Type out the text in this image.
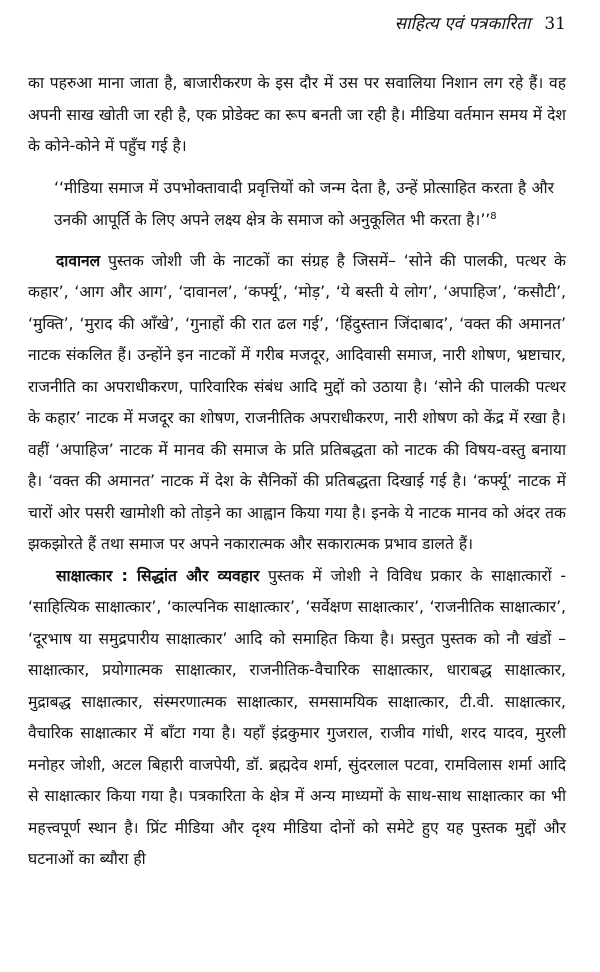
साहित्य एवं पत्रकारिता 31

का पहरुआ माना जाता है, बाजारीकरण के इस दौर में उस पर सवालिया निशान लग रहे हैं। वह अपनी साख खोती जा रही है, एक प्रोडेक्ट का रूप बनती जा रही है। मीडिया वर्तमान समय में देश के कोने-कोने में पहुँच गई है।

‘‘मीडिया समाज में उपभोक्तावादी प्रवृत्तियों को जन्म देता है, उन्हें प्रोत्साहित करता है और उनकी आपूर्ति के लिए अपने लक्ष्य क्षेत्र के समाज को अनुकूलित भी करता है।’’$^8$

दावानल पुस्तक जोशी जी के नाटकों का संग्रह है जिसमें– ‘सोने की पालकी, पत्थर के कहार’, ‘आग और आग’, ‘दावानल’, ‘कर्फ्यू’, ‘मोड़’, ‘ये बस्ती ये लोग’, ‘अपाहिज’, ‘कसौटी’, ‘मुक्ति’, ‘मुराद की आँखे’, ‘गुनाहों की रात ढल गई’, ‘हिंदुस्तान जिंदाबाद’, ‘वक्त की अमानत’ नाटक संकलित हैं। उन्होंने इन नाटकों में गरीब मजदूर, आदिवासी समाज, नारी शोषण, भ्रष्टाचार, राजनीति का अपराधीकरण, पारिवारिक संबंध आदि मुद्दों को उठाया है। ‘सोने की पालकी पत्थर के कहार’ नाटक में मजदूर का शोषण, राजनीतिक अपराधीकरण, नारी शोषण को केंद्र में रखा है। वहीं ‘अपाहिज’ नाटक में मानव की समाज के प्रति प्रतिबद्धता को नाटक की विषय-वस्तु बनाया है। ‘वक्त की अमानत’ नाटक में देश के सैनिकों की प्रतिबद्धता दिखाई गई है। ‘कर्फ्यू’ नाटक में चारों ओर पसरी खामोशी को तोड़ने का आह्वान किया गया है। इनके ये नाटक मानव को अंदर तक झकझोरते हैं तथा समाज पर अपने नकारात्मक और सकारात्मक प्रभाव डालते हैं।

साक्षात्कार : सिद्धांत और व्यवहार पुस्तक में जोशी ने विविध प्रकार के साक्षात्कारों - ‘साहित्यिक साक्षात्कार’, ‘काल्पनिक साक्षात्कार’, ‘सर्वेक्षण साक्षात्कार’, ‘राजनीतिक साक्षात्कार’, ‘दूरभाष या समुद्रपारीय साक्षात्कार’ आदि को समाहित किया है। प्रस्तुत पुस्तक को नौ खंडों – साक्षात्कार, प्रयोगात्मक साक्षात्कार, राजनीतिक-वैचारिक साक्षात्कार, धाराबद्ध साक्षात्कार, मुद्राबद्ध साक्षात्कार, संस्मरणात्मक साक्षात्कार, समसामयिक साक्षात्कार, टी.वी. साक्षात्कार, वैचारिक साक्षात्कार में बाँटा गया है। यहाँ इंद्रकुमार गुजराल, राजीव गांधी, शरद यादव, मुरली मनोहर जोशी, अटल बिहारी वाजपेयी, डॉ. ब्रह्मदेव शर्मा, सुंदरलाल पटवा, रामविलास शर्मा आदि से साक्षात्कार किया गया है। पत्रकारिता के क्षेत्र में अन्य माध्यमों के साथ-साथ साक्षात्कार का भी महत्त्वपूर्ण स्थान है। प्रिंट मीडिया और दृश्य मीडिया दोनों को समेटे हुए यह पुस्तक मुद्दों और घटनाओं का ब्यौरा ही
